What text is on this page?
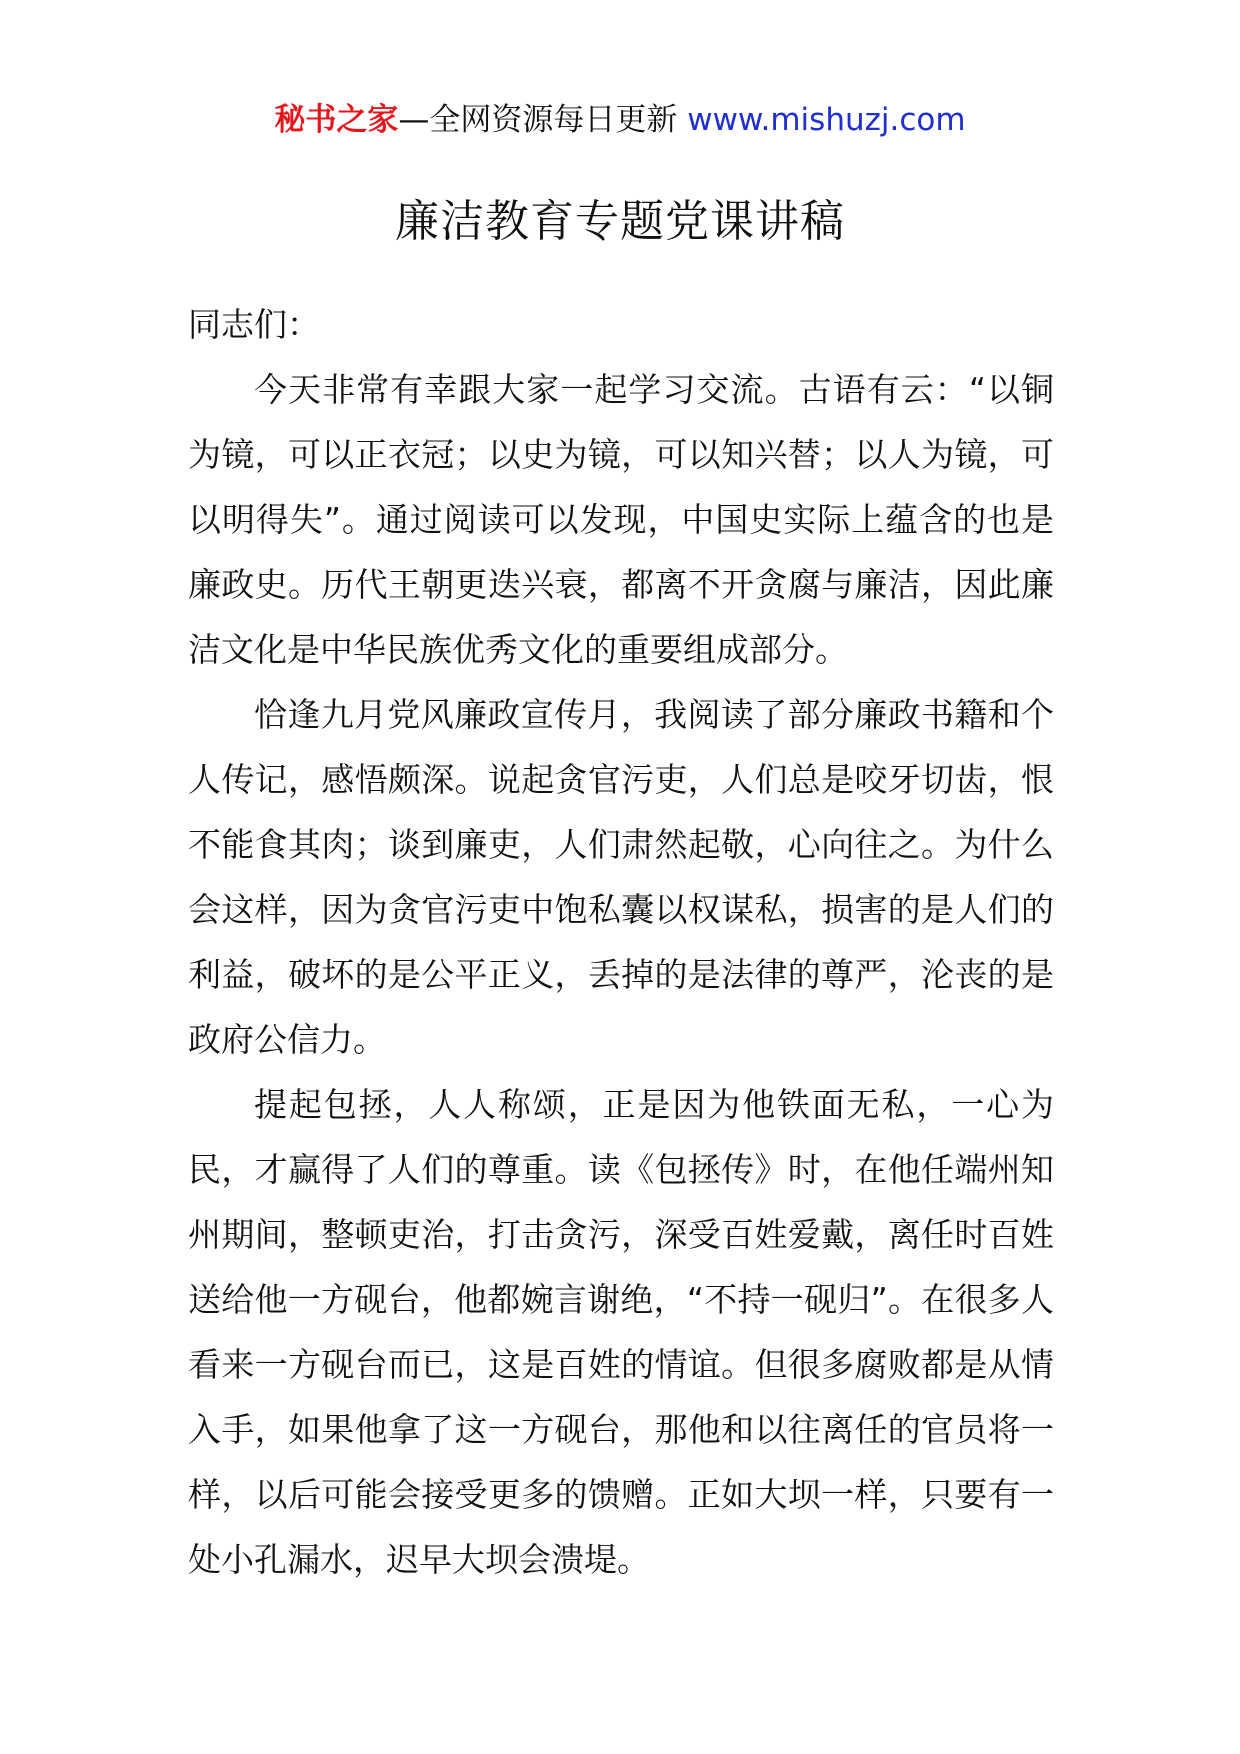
秘书之家—全网资源每日更新 www.mishuzj.com
廉洁教育专题党课讲稿

同志们：

今天非常有幸跟大家一起学习交流。古语有云：“以铜为镜，可以正衣冠；以史为镜，可以知兴替；以人为镜，可以明得失”。通过阅读可以发现，中国史实际上蕴含的也是廉政史。历代王朝更迭兴衰，都离不开贪腐与廉洁，因此廉洁文化是中华民族优秀文化的重要组成部分。

恰逢九月党风廉政宣传月，我阅读了部分廉政书籍和个人传记，感悟颇深。说起贪官污吏，人们总是咬牙切齿，恨不能食其肉；谈到廉吏，人们肃然起敬，心向往之。为什么会这样，因为贪官污吏中饱私囊以权谋私，损害的是人们的利益，破坏的是公平正义，丢掉的是法律的尊严，沦丧的是政府公信力。

提起包拯，人人称颂，正是因为他铁面无私，一心为民，才赢得了人们的尊重。读《包拯传》时，在他任端州知州期间，整顿吏治，打击贪污，深受百姓爱戴，离任时百姓送给他一方砚台，他都婉言谢绝，“不持一砚归”。在很多人看来一方砚台而已，这是百姓的情谊。但很多腐败都是从情入手，如果他拿了这一方砚台，那他和以往离任的官员将一样，以后可能会接受更多的馈赠。正如大坝一样，只要有一处小孔漏水，迟早大坝会溃堤。
